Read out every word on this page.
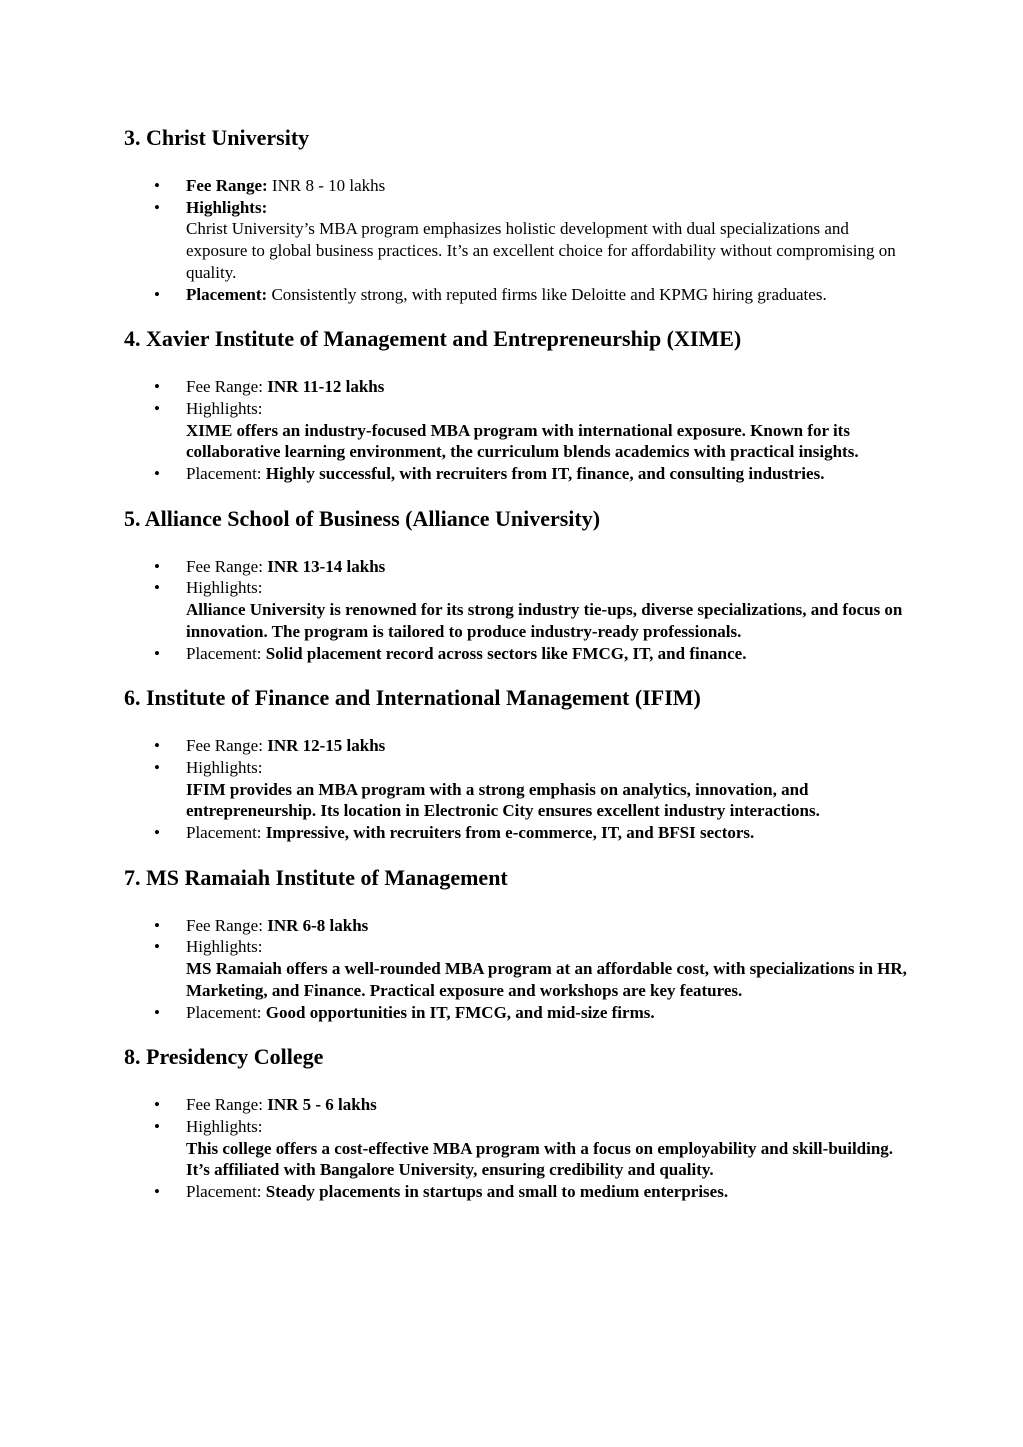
3. Christ University
• Fee Range: INR 8 - 10 lakhs
• Highlights:
Christ University’s MBA program emphasizes holistic development with dual specializations and exposure to global business practices. It’s an excellent choice for affordability without compromising on quality.
• Placement: Consistently strong, with reputed firms like Deloitte and KPMG hiring graduates.
4. Xavier Institute of Management and Entrepreneurship (XIME)
• Fee Range: INR 11-12 lakhs
• Highlights:
XIME offers an industry-focused MBA program with international exposure. Known for its collaborative learning environment, the curriculum blends academics with practical insights.
• Placement: Highly successful, with recruiters from IT, finance, and consulting industries.
5. Alliance School of Business (Alliance University)
• Fee Range: INR 13-14 lakhs
• Highlights:
Alliance University is renowned for its strong industry tie-ups, diverse specializations, and focus on innovation. The program is tailored to produce industry-ready professionals.
• Placement: Solid placement record across sectors like FMCG, IT, and finance.
6. Institute of Finance and International Management (IFIM)
• Fee Range: INR 12-15 lakhs
• Highlights:
IFIM provides an MBA program with a strong emphasis on analytics, innovation, and entrepreneurship. Its location in Electronic City ensures excellent industry interactions.
• Placement: Impressive, with recruiters from e-commerce, IT, and BFSI sectors.
7. MS Ramaiah Institute of Management
• Fee Range: INR 6-8 lakhs
• Highlights:
MS Ramaiah offers a well-rounded MBA program at an affordable cost, with specializations in HR, Marketing, and Finance. Practical exposure and workshops are key features.
• Placement: Good opportunities in IT, FMCG, and mid-size firms.
8. Presidency College
• Fee Range: INR 5 - 6 lakhs
• Highlights:
This college offers a cost-effective MBA program with a focus on employability and skill-building. It’s affiliated with Bangalore University, ensuring credibility and quality.
• Placement: Steady placements in startups and small to medium enterprises.
